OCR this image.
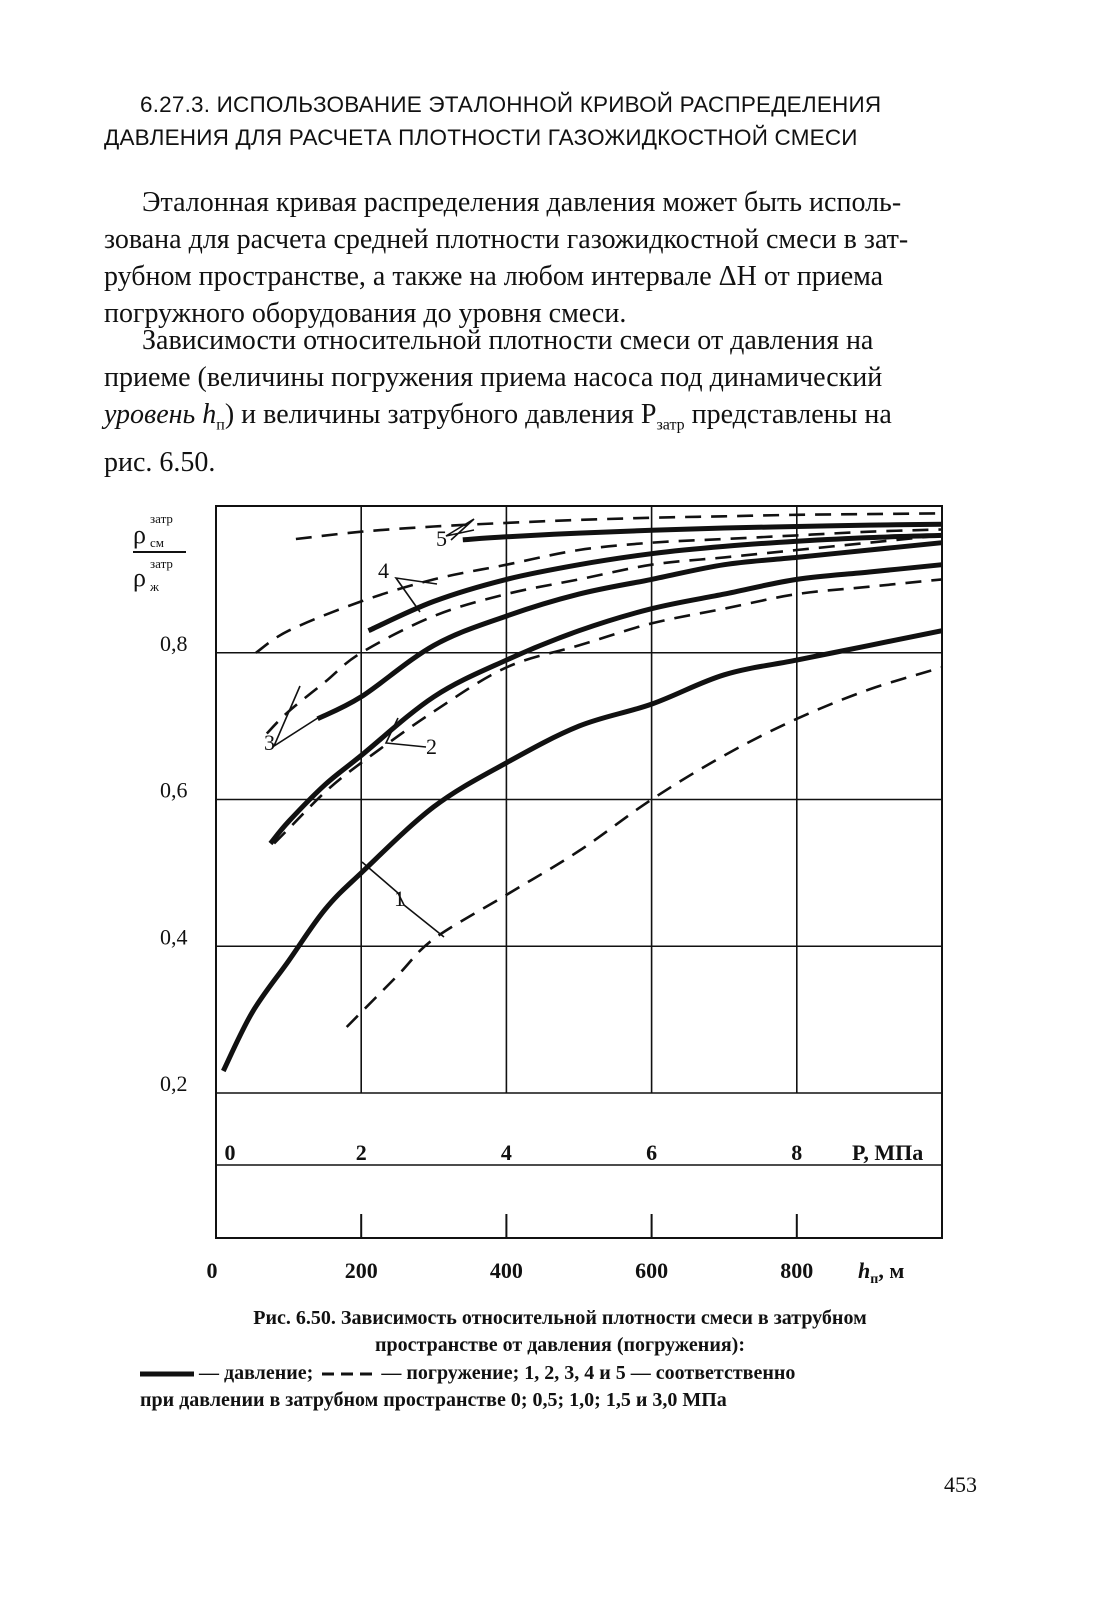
6.27.3. ИСПОЛЬЗОВАНИЕ ЭТАЛОННОЙ КРИВОЙ РАСПРЕДЕЛЕНИЯ
ДАВЛЕНИЯ ДЛЯ РАСЧЕТА ПЛОТНОСТИ ГАЗОЖИДКОСТНОЙ СМЕСИ

Эталонная кривая распределения давления может быть исполь-
зована для расчета средней плотности газожидкостной смеси в зат-
рубном пространстве, а также на любом интервале ΔH от приема
погружного оборудования до уровня смеси.

Зависимости относительной плотности смеси от давления на
приеме (величины погружения приема насоса под динамический
уровень $h_п$) и величины затрубного давления $P_{затр}$ представлены на
рис. 6.50.

затр
ρ см
затр
ρ ж
0,2
0,4
0,6
0,8
0	2	4	6	8
0	200	400	600	800
5
4
3	2
1
P, МПа
$h_п$, м
Рис. 6.50. Зависимость относительной плотности смеси в затрубном
пространстве от давления (погружения):
— давление;	— погружение; 1, 2, 3, 4 и 5 — соответственно
при давлении в затрубном пространстве 0; 0,5; 1,0; 1,5 и 3,0 МПа
453
